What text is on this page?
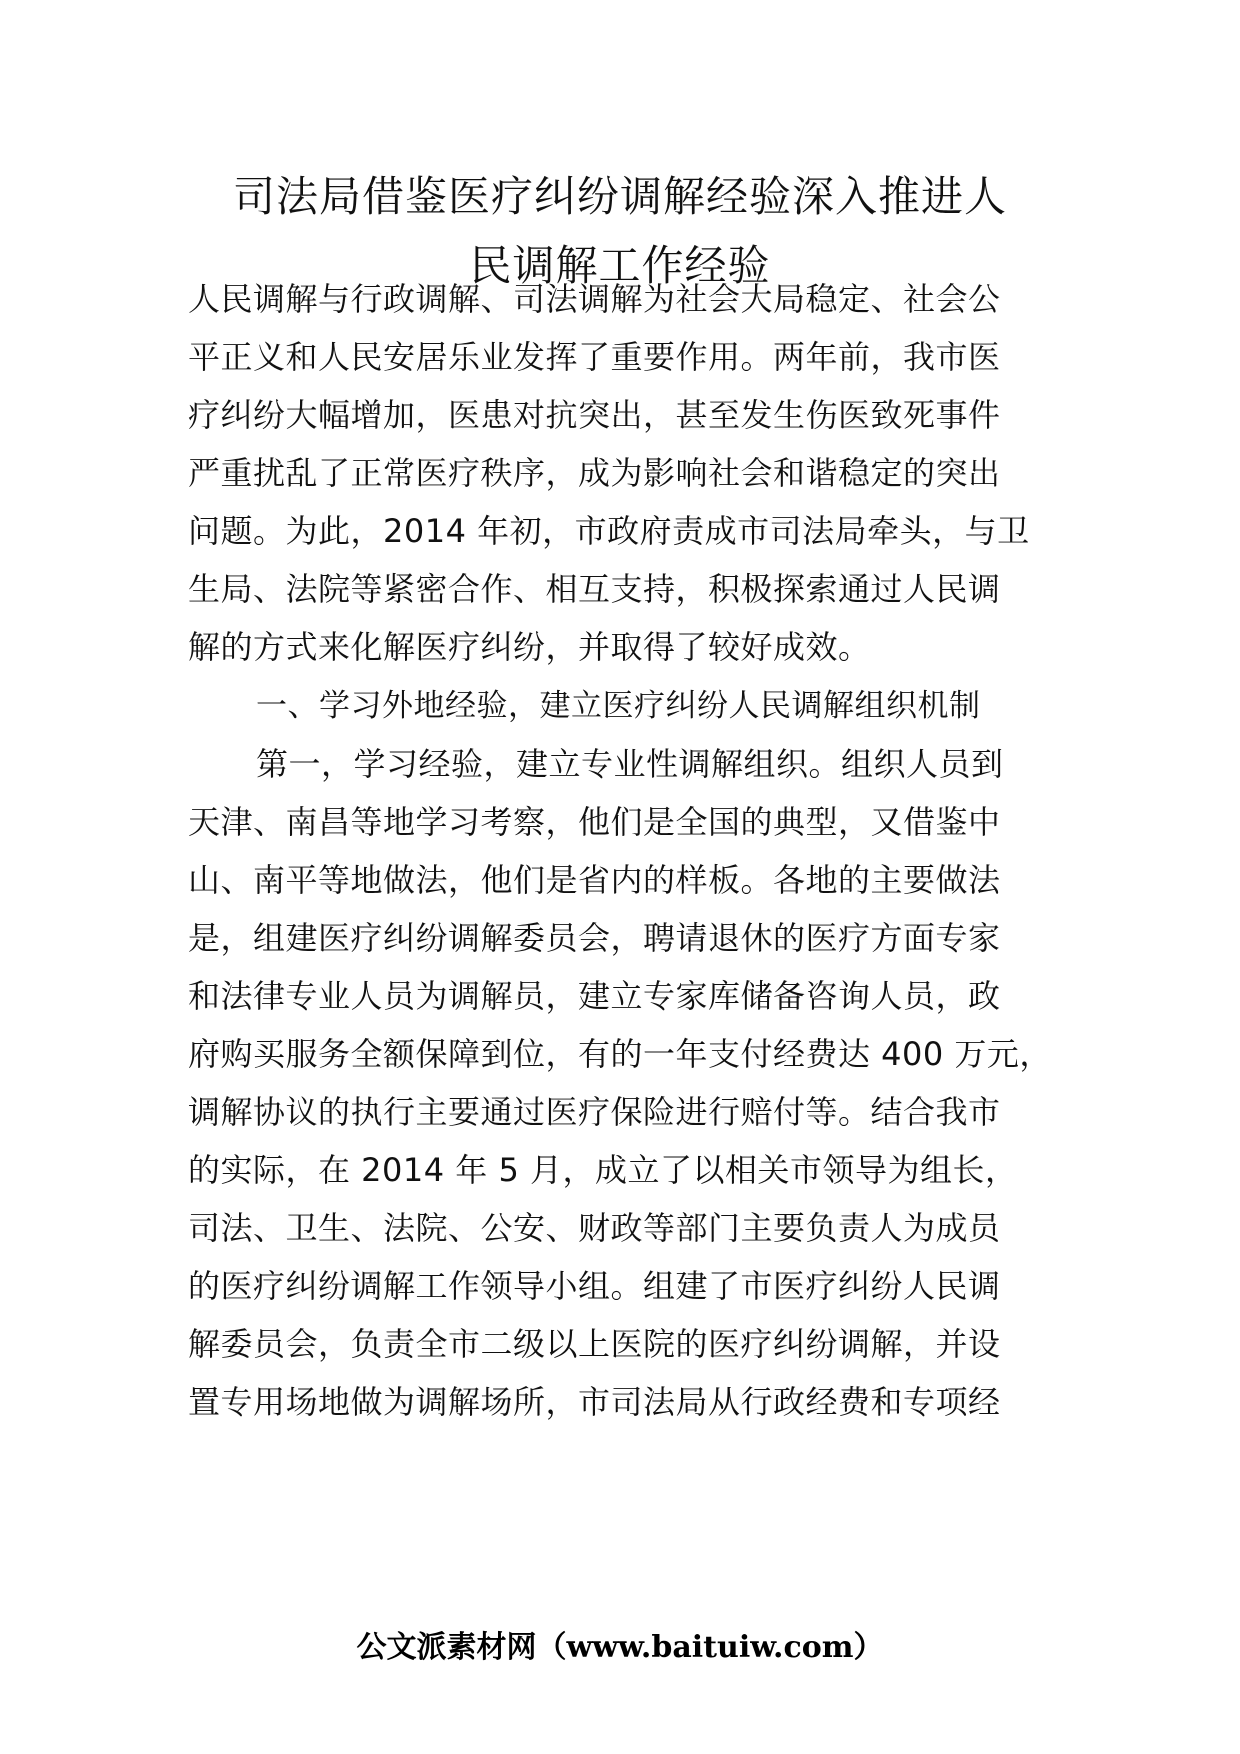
司法局借鉴医疗纠纷调解经验深入推进人
民调解工作经验
人民调解与行政调解、司法调解为社会大局稳定、社会公
平正义和人民安居乐业发挥了重要作用。两年前，我市医
疗纠纷大幅增加，医患对抗突出，甚至发生伤医致死事件
严重扰乱了正常医疗秩序，成为影响社会和谐稳定的突出
问题。为此，2014 年初，市政府责成市司法局牵头，与卫
生局、法院等紧密合作、相互支持，积极探索通过人民调
解的方式来化解医疗纠纷，并取得了较好成效。
一、学习外地经验，建立医疗纠纷人民调解组织机制
第一，学习经验，建立专业性调解组织。组织人员到
天津、南昌等地学习考察，他们是全国的典型，又借鉴中
山、南平等地做法，他们是省内的样板。各地的主要做法
是，组建医疗纠纷调解委员会，聘请退休的医疗方面专家
和法律专业人员为调解员，建立专家库储备咨询人员，政
府购买服务全额保障到位，有的一年支付经费达 400 万元，
调解协议的执行主要通过医疗保险进行赔付等。结合我市
的实际，在 2014 年 5 月，成立了以相关市领导为组长，
司法、卫生、法院、公安、财政等部门主要负责人为成员
的医疗纠纷调解工作领导小组。组建了市医疗纠纷人民调
解委员会，负责全市二级以上医院的医疗纠纷调解，并设
置专用场地做为调解场所，市司法局从行政经费和专项经
公文派素材网（www.baituiw.com）
